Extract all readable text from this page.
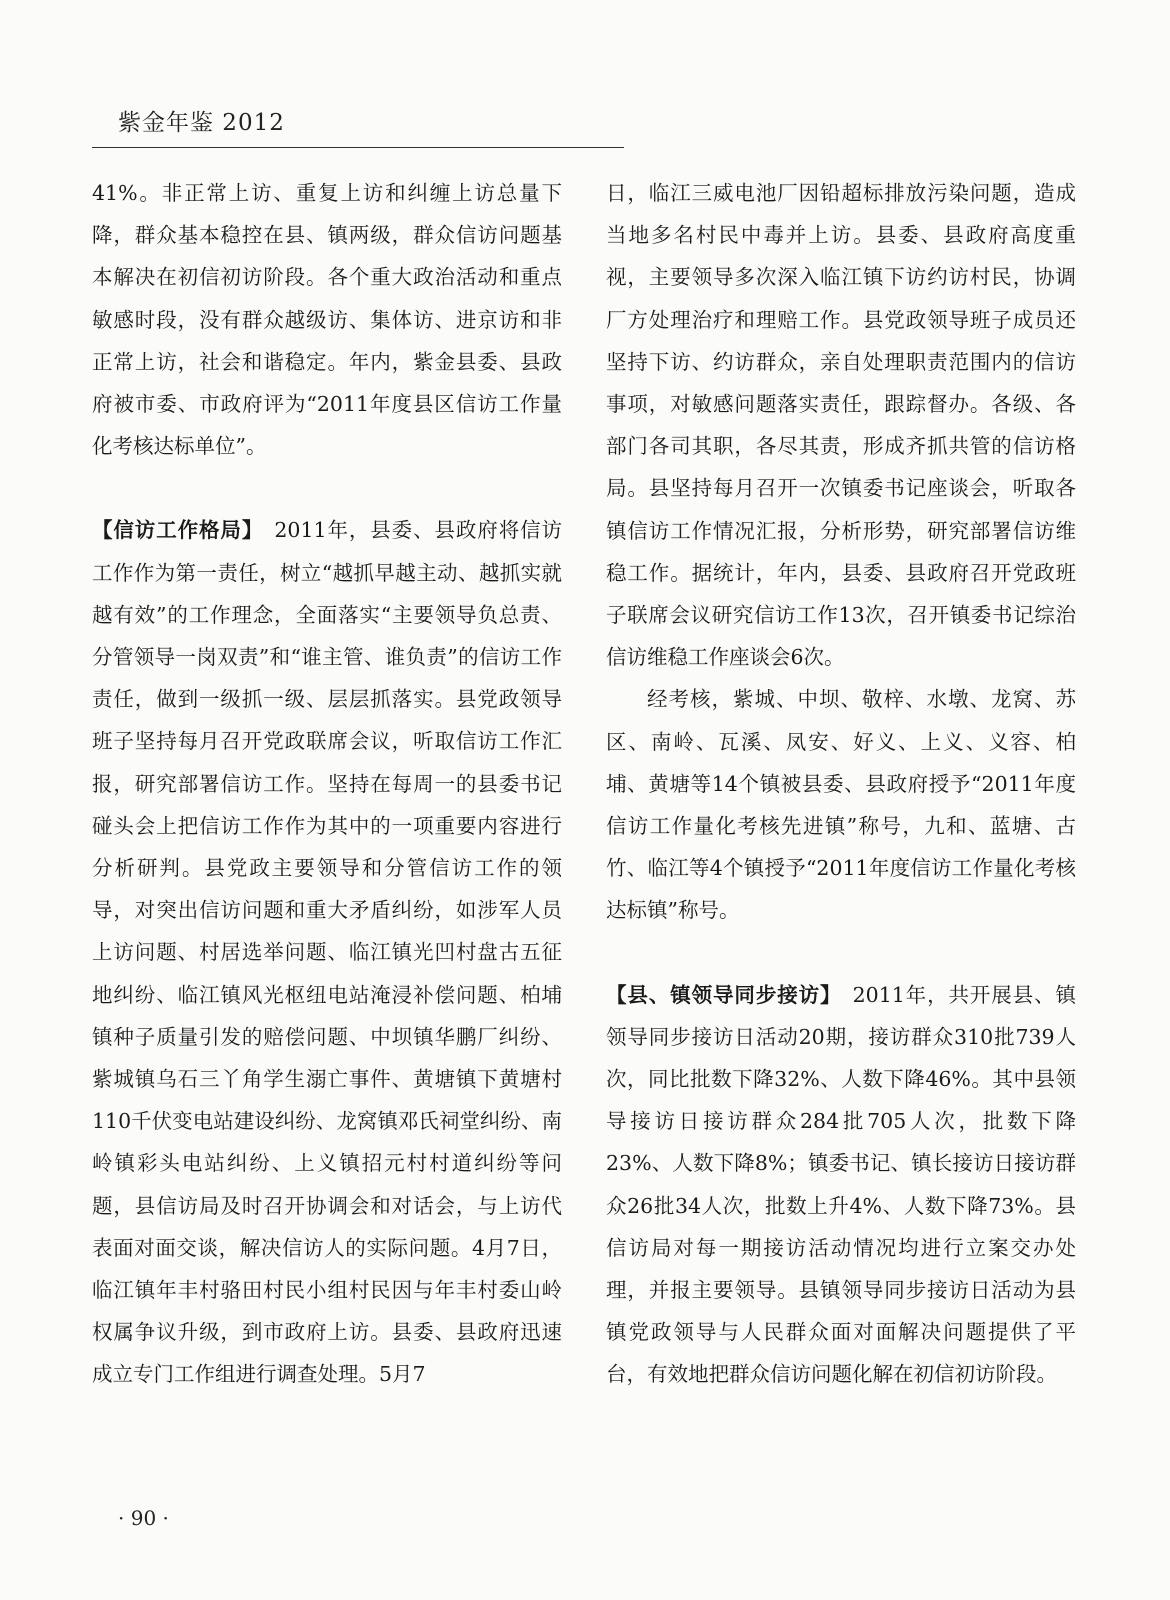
紫金年鉴 2012

41%。非正常上访、重复上访和纠缠上访总量下降，群众基本稳控在县、镇两级，群众信访问题基本解决在初信初访阶段。各个重大政治活动和重点敏感时段，没有群众越级访、集体访、进京访和非正常上访，社会和谐稳定。年内，紫金县委、县政府被市委、市政府评为“2011年度县区信访工作量化考核达标单位”。

【信访工作格局】　 2011年，县委、县政府将信访工作作为第一责任，树立“越抓早越主动、越抓实就越有效”的工作理念，全面落实“主要领导负总责、分管领导一岗双责”和“谁主管、谁负责”的信访工作责任，做到一级抓一级、层层抓落实。县党政领导班子坚持每月召开党政联席会议，听取信访工作汇报，研究部署信访工作。坚持在每周一的县委书记碰头会上把信访工作作为其中的一项重要内容进行分析研判。县党政主要领导和分管信访工作的领导，对突出信访问题和重大矛盾纠纷，如涉军人员上访问题、村居选举问题、临江镇光凹村盘古五征地纠纷、临江镇风光枢纽电站淹浸补偿问题、柏埔镇种子质量引发的赔偿问题、中坝镇华鹏厂纠纷、紫城镇乌石三丫角学生溺亡事件、黄塘镇下黄塘村110千伏变电站建设纠纷、龙窝镇邓氏祠堂纠纷、南岭镇彩头电站纠纷、上义镇招元村村道纠纷等问题，县信访局及时召开协调会和对话会，与上访代表面对面交谈，解决信访人的实际问题。4月7日，临江镇年丰村骆田村民小组村民因与年丰村委山岭权属争议升级，到市政府上访。县委、县政府迅速成立专门工作组进行调查处理。5月7

日，临江三威电池厂因铅超标排放污染问题，造成当地多名村民中毒并上访。县委、县政府高度重视，主要领导多次深入临江镇下访约访村民，协调厂方处理治疗和理赔工作。县党政领导班子成员还坚持下访、约访群众，亲自处理职责范围内的信访事项，对敏感问题落实责任，跟踪督办。各级、各部门各司其职，各尽其责，形成齐抓共管的信访格局。县坚持每月召开一次镇委书记座谈会，听取各镇信访工作情况汇报，分析形势，研究部署信访维稳工作。据统计，年内，县委、县政府召开党政班子联席会议研究信访工作13次，召开镇委书记综治信访维稳工作座谈会6次。

经考核，紫城、中坝、敬梓、水墩、龙窝、苏区、南岭、瓦溪、凤安、好义、上义、义容、柏埔、黄塘等14个镇被县委、县政府授予“2011年度信访工作量化考核先进镇”称号，九和、蓝塘、古竹、临江等4个镇授予“2011年度信访工作量化考核达标镇”称号。

【县、镇领导同步接访】　 2011年，共开展县、镇领导同步接访日活动20期，接访群众310批739人次，同比批数下降32%、人数下降46%。其中县领导接访日接访群众284批705人次，批数下降23%、人数下降8%；镇委书记、镇长接访日接访群众26批34人次，批数上升4%、人数下降73%。县信访局对每一期接访活动情况均进行立案交办处理，并报主要领导。县镇领导同步接访日活动为县镇党政领导与人民群众面对面解决问题提供了平台，有效地把群众信访问题化解在初信初访阶段。

· 90 ·
